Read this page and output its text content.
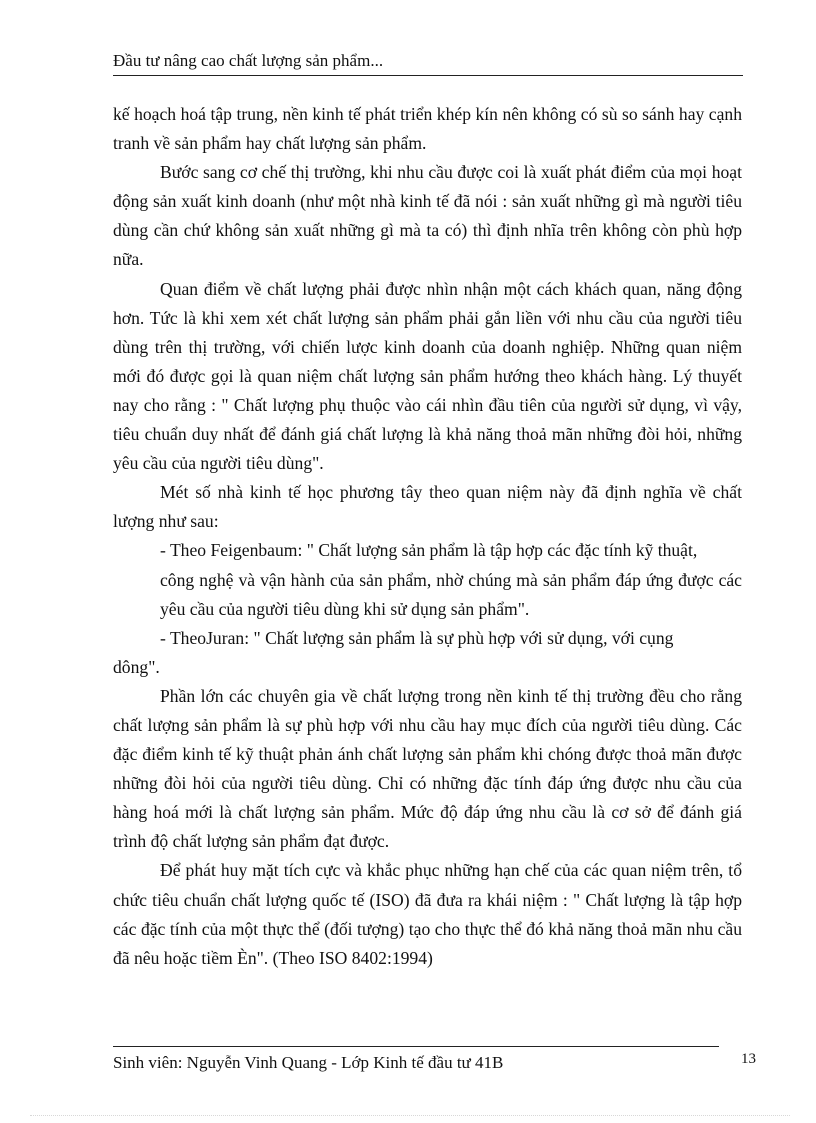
Đầu tư nâng cao chất lượng sản phẩm...

kế hoạch hoá tập trung, nền kinh tế phát triển khép kín nên không có sù so sánh hay cạnh tranh về sản phẩm hay chất lượng sản phẩm.

Bước sang cơ chế thị trường, khi nhu cầu được coi là xuất phát điểm của mọi hoạt động sản xuất kinh doanh (như một nhà kinh tế đã nói : sản xuất những gì mà người tiêu dùng cần chứ không sản xuất những gì mà ta có) thì định nhĩa trên không còn phù hợp nữa.

Quan điểm về chất lượng phải được nhìn nhận một cách khách quan, năng động hơn. Tức là khi xem xét chất lượng sản phẩm phải gắn liền với nhu cầu của người tiêu dùng trên thị trường, với chiến lược kinh doanh của doanh nghiệp. Những quan niệm mới đó được gọi là quan niệm chất lượng sản phẩm hướng theo khách hàng. Lý thuyết nay cho rằng : " Chất lượng phụ thuộc vào cái nhìn đầu tiên của người sử dụng, vì vậy, tiêu chuẩn duy nhất để đánh giá chất lượng là khả năng thoả mãn những đòi hỏi, những yêu cầu của người tiêu dùng".

Mét số nhà kinh tế học phương tây theo quan niệm này đã định nghĩa về chất lượng như sau:

- Theo Feigenbaum: " Chất lượng sản phẩm là tập hợp các đặc tính kỹ thuật,

công nghệ và vận hành của sản phẩm, nhờ chúng mà sản phẩm đáp ứng được các yêu cầu của người tiêu dùng khi sử dụng sản phẩm".

- TheoJuran: " Chất lượng sản phẩm là sự phù hợp với sử dụng, với cụng

dông".

Phần lớn các chuyên gia về chất lượng trong nền kinh tế thị trường đều cho rằng chất lượng sản phẩm là sự phù hợp với nhu cầu hay mục đích của người tiêu dùng. Các đặc điểm kinh tế kỹ thuật phản ánh chất lượng sản phẩm khi chóng được thoả mãn được những đòi hỏi của người tiêu dùng. Chỉ có những đặc tính đáp ứng được nhu cầu của hàng hoá mới là chất lượng sản phẩm. Mức độ đáp ứng nhu cầu là cơ sở để đánh giá trình độ chất lượng sản phẩm đạt được.

Để phát huy mặt tích cực và khắc phục những hạn chế của các quan niệm trên, tổ chức tiêu chuẩn chất lượng quốc tế (ISO) đã đưa ra khái niệm : " Chất lượng là tập hợp các đặc tính của một thực thể (đối tượng) tạo cho thực thể đó khả năng thoả mãn nhu cầu đã nêu hoặc tiềm Èn". (Theo ISO 8402:1994)

Sinh viên: Nguyễn Vinh Quang - Lớp Kinh tế đầu tư 41B	13
